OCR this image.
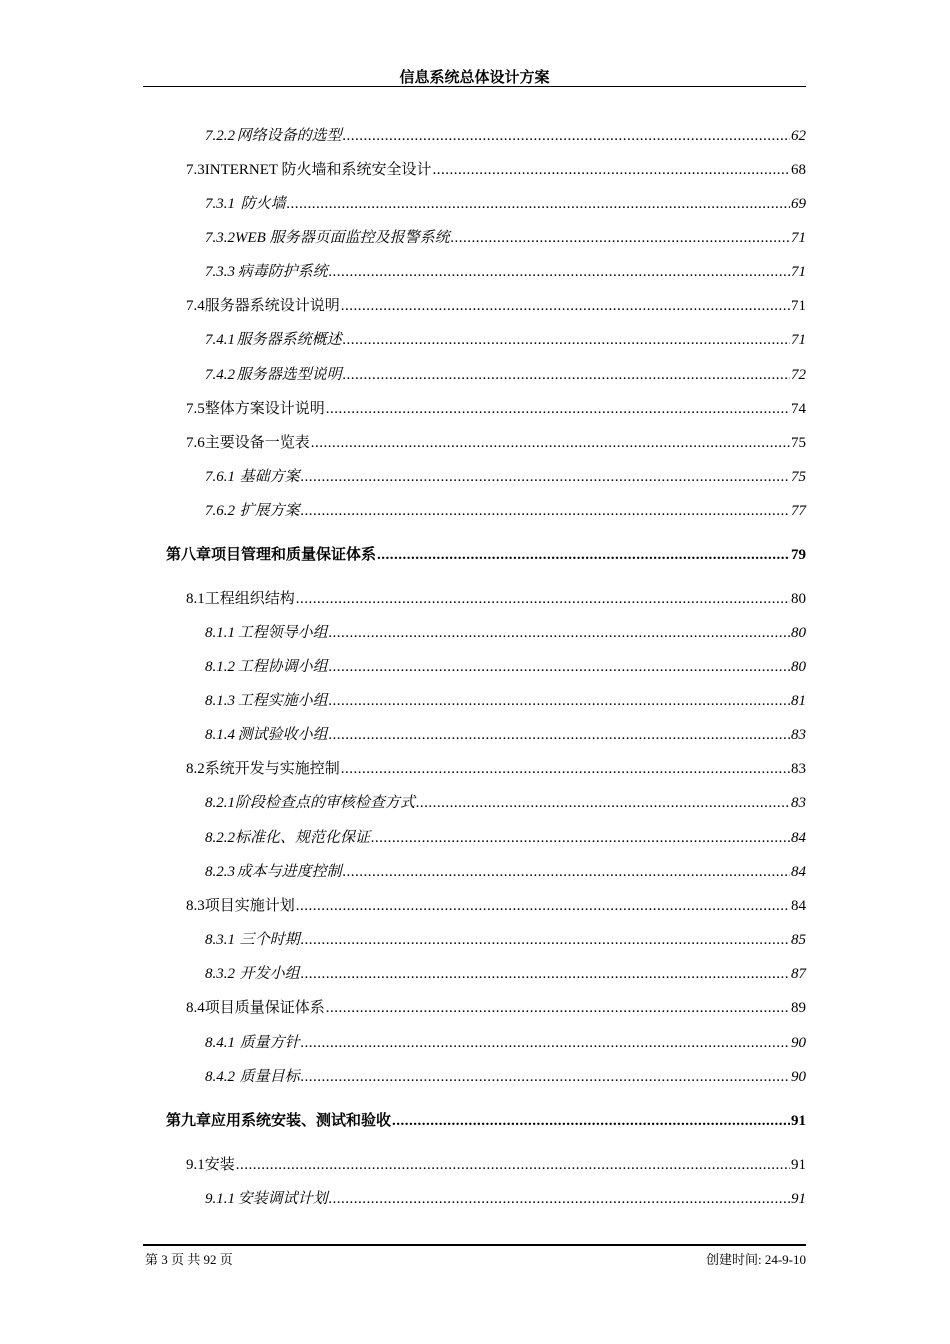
信息系统总体设计方案
7.2.2 网络设备的选型 .....	62
7.3 INTERNET 防火墙和系统安全设计 .....	68
7.3.1 防火墙 .....	69
7.3.2 WEB 服务器页面监控及报警系统 .....	71
7.3.3 病毒防护系统 .....	71
7.4 服务器系统设计说明 .....	71
7.4.1 服务器系统概述 .....	71
7.4.2 服务器选型说明 .....	72
7.5 整体方案设计说明 .....	74
7.6 主要设备一览表 .....	75
7.6.1 基础方案 .....	75
7.6.2 扩展方案 .....	77
第八章 项目管理和质量保证体系 .....	79
8.1 工程组织结构 .....	80
8.1.1 工程领导小组 .....	80
8.1.2 工程协调小组 .....	80
8.1.3 工程实施小组 .....	81
8.1.4 测试验收小组 .....	83
8.2 系统开发与实施控制 .....	83
8.2.1 阶段检查点的审核检查方式 .....	83
8.2.2 标准化、规范化保证 .....	84
8.2.3 成本与进度控制 .....	84
8.3 项目实施计划 .....	84
8.3.1 三个时期 .....	85
8.3.2 开发小组 .....	87
8.4 项目质量保证体系 .....	89
8.4.1 质量方针 .....	90
8.4.2 质量目标 .....	90
第九章 应用系统安装、测试和验收 .....	91
9.1 安装 .....	91
9.1.1 安装调试计划 .....	91
第 3 页 共 92 页	创建时间: 24-9-10
